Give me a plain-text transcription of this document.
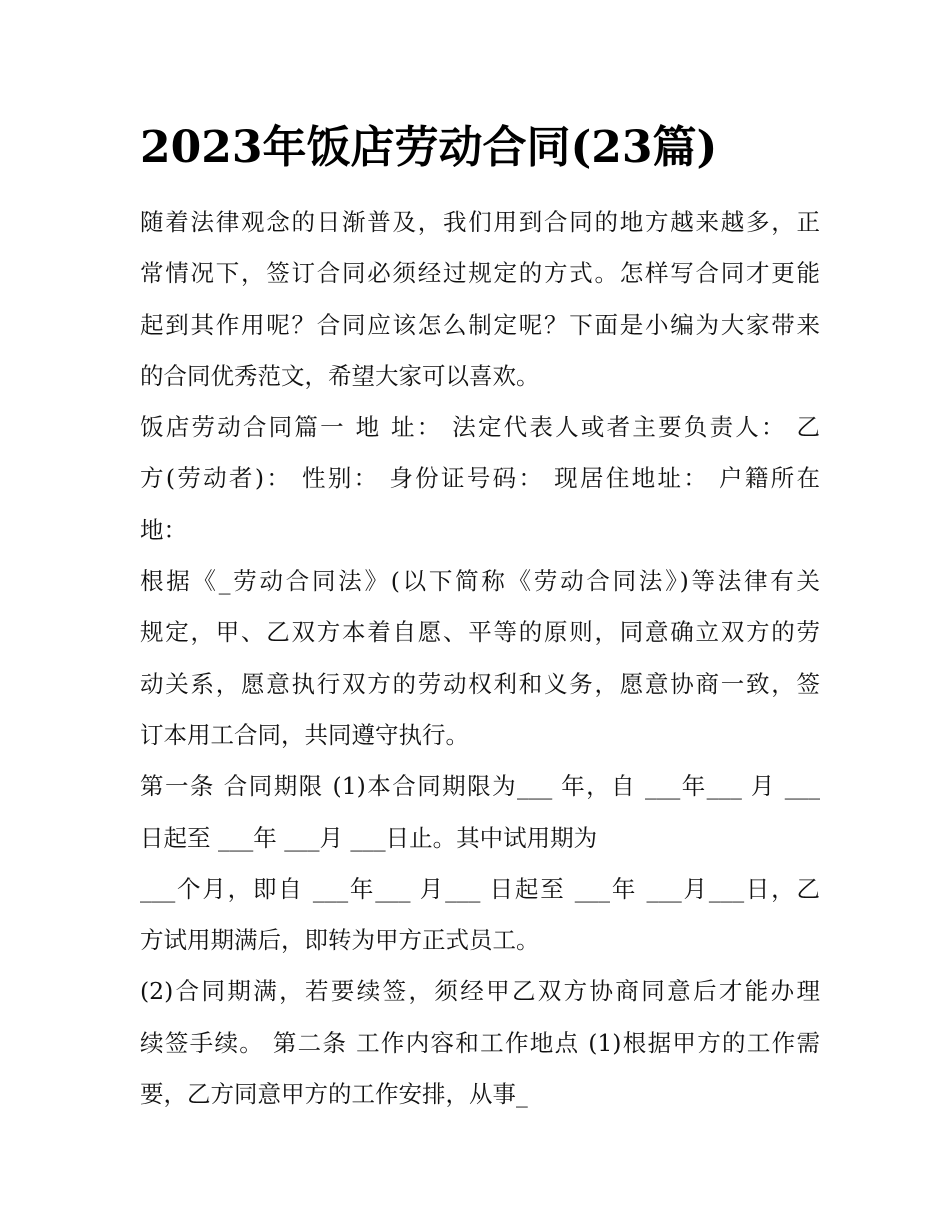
2023年饭店劳动合同(23篇)
随着法律观念的日渐普及，我们用到合同的地方越来越多，正
常情况下，签订合同必须经过规定的方式。怎样写合同才更能
起到其作用呢？合同应该怎么制定呢？下面是小编为大家带来
的合同优秀范文，希望大家可以喜欢。
饭店劳动合同篇一 地 址： 法定代表人或者主要负责人： 乙
方(劳动者)： 性别： 身份证号码： 现居住地址： 户籍所在
地：
根据《_劳动合同法》(以下简称《劳动合同法》)等法律有关
规定，甲、乙双方本着自愿、平等的原则，同意确立双方的劳
动关系，愿意执行双方的劳动权利和义务，愿意协商一致，签
订本用工合同，共同遵守执行。
第一条 合同期限 (1)本合同期限为___ 年，自 ___年___ 月 ___
日起至 ___年 ___月 ___日止。其中试用期为
___个月，即自 ___年___ 月___ 日起至 ___年 ___月___日，乙
方试用期满后，即转为甲方正式员工。
(2)合同期满，若要续签，须经甲乙双方协商同意后才能办理
续签手续。 第二条 工作内容和工作地点 (1)根据甲方的工作需
要，乙方同意甲方的工作安排，从事_
